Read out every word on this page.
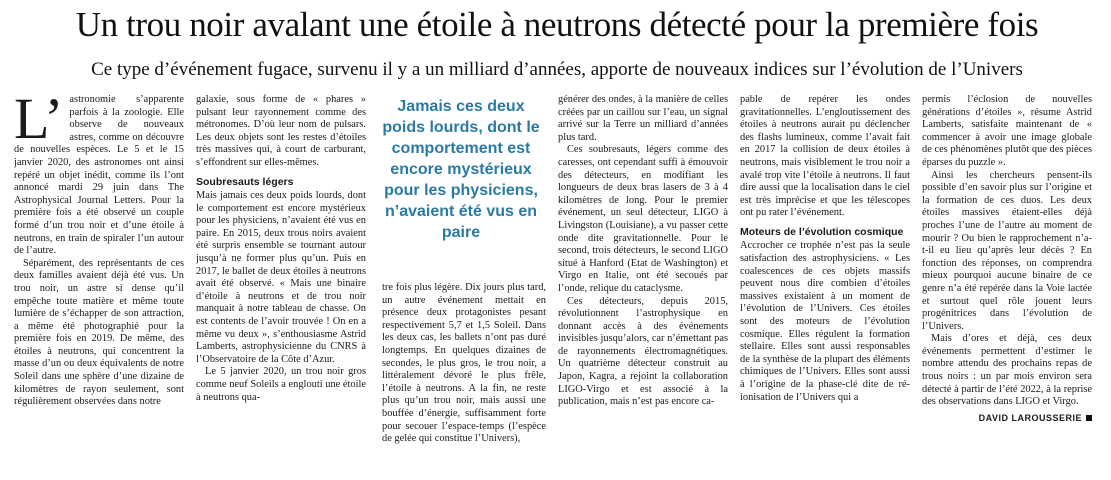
Un trou noir avalant une étoile à neutrons détecté pour la première fois
Ce type d’événement fugace, survenu il y a un milliard d’années, apporte de nouveaux indices sur l’évolution de l’Univers

L’ astronomie s’apparente parfois à la zoologie. Elle observe de nouveaux astres, comme on découvre de nouvelles espèces. Le 5 et le 15 janvier 2020, des astronomes ont ainsi repéré un objet inédit, comme ils l’ont annoncé mardi 29 juin dans The Astrophysical Journal Letters. Pour la première fois a été observé un couple formé d’un trou noir et d’une étoile à neutrons, en train de spiraler l’un autour de l’autre.

Séparément, des représentants de ces deux familles avaient déjà été vus. Un trou noir, un astre si dense qu’il empêche toute matière et même toute lumière de s’échapper de son attraction, a même été photographié pour la première fois en 2019. De même, des étoiles à neutrons, qui concentrent la masse d’un ou deux équivalents de notre Soleil dans une sphère d’une dizaine de kilomètres de rayon seulement, sont régulièrement observées dans notre

galaxie, sous forme de « phares » pulsant leur rayonnement comme des métronomes. D’où leur nom de pulsars. Les deux objets sont les restes d’étoiles très massives qui, à court de carburant, s’effondrent sur elles-mêmes.

Soubresauts légers

Mais jamais ces deux poids lourds, dont le comportement est encore mystérieux pour les physiciens, n’avaient été vus en paire. En 2015, deux trous noirs avaient été surpris ensemble se tournant autour jusqu’à ne former plus qu’un. Puis en 2017, le ballet de deux étoiles à neutrons avait été observé. « Mais une binaire d’étoile à neutrons et de trou noir manquait à notre tableau de chasse. On est contents de l’avoir trouvée ! On en a même vu deux », s’enthousiasme Astrid Lamberts, astrophysicienne du CNRS à l’Observatoire de la Côte d’Azur.

Le 5 janvier 2020, un trou noir gros comme neuf Soleils a englouti une étoile à neutrons qua-

Jamais ces deux poids lourds, dont le comportement est encore mystérieux pour les physiciens, n’avaient été vus en paire

tre fois plus légère. Dix jours plus tard, un autre événement mettait en présence deux protagonistes pesant respectivement 5,7 et 1,5 Soleil. Dans les deux cas, les ballets n’ont pas duré longtemps. En quelques dizaines de secondes, le plus gros, le trou noir, a littéralement dévoré le plus frêle, l’étoile à neutrons. A la fin, ne reste plus qu’un trou noir, mais aussi une bouffée d’énergie, suffisamment forte pour secouer l’espace-temps (l’espèce de gelée qui constitue l’Univers),

générer des ondes, à la manière de celles créées par un caillou sur l’eau, un signal arrivé sur la Terre un milliard d’années plus tard.

Ces soubresauts, légers comme des caresses, ont cependant suffi à émouvoir des détecteurs, en modifiant les longueurs de deux bras lasers de 3 à 4 kilomètres de long. Pour le premier événement, un seul détecteur, LIGO à Livingston (Louisiane), a vu passer cette onde dite gravitationnelle. Pour le second, trois détecteurs, le second LIGO situé à Hanford (Etat de Washington) et Virgo en Italie, ont été secoués par l’onde, relique du cataclysme.

Ces détecteurs, depuis 2015, révolutionnent l’astrophysique en donnant accès à des événements invisibles jusqu’alors, car n’émettant pas de rayonnements électromagnétiques. Un quatrième détecteur construit au Japon, Kagra, a rejoint la collaboration LIGO-Virgo et est associé à la publication, mais n’est pas encore ca-

pable de repérer les ondes gravitationnelles. L’engloutissement des étoiles à neutrons aurait pu déclencher des flashs lumineux, comme l’avait fait en 2017 la collision de deux étoiles à neutrons, mais visiblement le trou noir a avalé trop vite l’étoile à neutrons. Il faut dire aussi que la localisation dans le ciel est très imprécise et que les télescopes ont pu rater l’événement.

Moteurs de l’évolution cosmique

Accrocher ce trophée n’est pas la seule satisfaction des astrophysiciens. « Les coalescences de ces objets massifs peuvent nous dire combien d’étoiles massives existaient à un moment de l’évolution de l’Univers. Ces étoiles sont des moteurs de l’évolution cosmique. Elles régulent la formation stellaire. Elles sont aussi responsables de la synthèse de la plupart des éléments chimiques de l’Univers. Elles sont aussi à l’origine de la phase-clé dite de ré-ionisation de l’Univers qui a

permis l’éclosion de nouvelles générations d’étoiles », résume Astrid Lamberts, satisfaite maintenant de « commencer à avoir une image globale de ces phénomènes plutôt que des pièces éparses du puzzle ».

Ainsi les chercheurs pensent-ils possible d’en savoir plus sur l’origine et la formation de ces duos. Les deux étoiles massives étaient-elles déjà proches l’une de l’autre au moment de mourir ? Ou bien le rapprochement n’a-t-il eu lieu qu’après leur décès ? En fonction des réponses, on comprendra mieux pourquoi aucune binaire de ce genre n’a été repérée dans la Voie lactée et surtout quel rôle jouent leurs progénitrices dans l’évolution de l’Univers.

Mais d’ores et déjà, ces deux événements permettent d’estimer le nombre attendu des prochains repas de trous noirs : un par mois environ sera détecté à partir de l’été 2022, à la reprise des observations dans LIGO et Virgo.

DAVID LAROUSSERIE
